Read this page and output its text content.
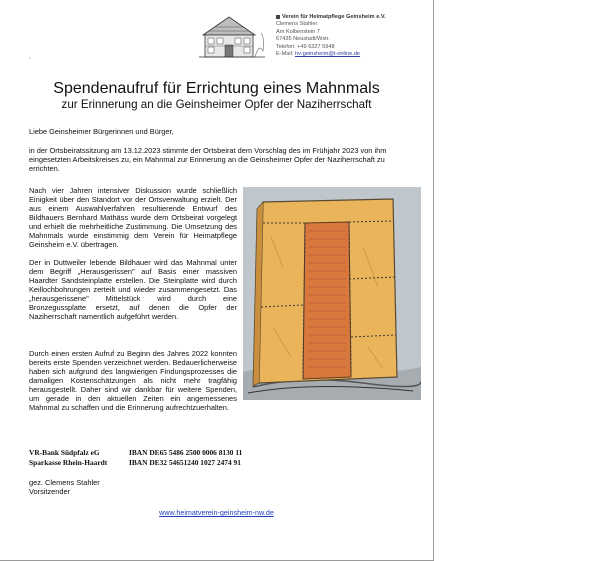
Verein für Heimatpflege Geinsheim e.V.
Clemens Stahler
Am Kolbenstein 7
67435 Neustadt/Wstr.
Telefon: +49 6327 5948
E-Mail: hv-geinsheim@t-online.de
'
Spendenaufruf für Errichtung eines Mahnmals
zur Erinnerung an die Geinsheimer Opfer der Naziherrschaft

Liebe Geinsheimer Bürgerinnen und Bürger,

in der Ortsbeiratssitzung am 13.12.2023 stimmte der Ortsbeirat dem Vorschlag des im Frühjahr 2023 von ihm eingesetzten Arbeitskreises zu, ein Mahnmal zur Erinnerung an die Geinsheimer Opfer der Naziherrschaft zu errichten.

Nach vier Jahren intensiver Diskussion wurde schließlich Einigkeit über den Standort vor der Ortsverwaltung erzielt. Der aus einem Auswahlverfahren resultierende Entwurf des Bildhauers Bernhard Mathäss wurde dem Ortsbeirat vorgelegt und erhielt die mehrheitliche Zustimmung. Die Umsetzung des Mahnmals wurde einstimmig dem Verein für Heimatpflege Geinsheim e.V. übertragen.

Der in Duttweiler lebende Bildhauer wird das Mahnmal unter dem Begriff „Herausgerissen" auf Basis einer massiven Haardter Sandsteinplatte erstellen. Die Steinplatte wird durch Keillochbohrungen zerteilt und wieder zusammengesetzt. Das „herausgerissene" Mittelstück wird durch eine Bronzegussplatte ersetzt, auf denen die Opfer der Naziherrschaft namentlich aufgeführt werden.

Durch einen ersten Aufruf zu Beginn des Jahres 2022 konnten bereits erste Spenden verzeichnet werden. Bedauerlicherweise haben sich aufgrund des langwierigen Findungsprozesses die damaligen Kostenschätzungen als nicht mehr tragfähig herausgestellt. Daher sind wir dankbar für weitere Spenden, um gerade in den aktuellen Zeiten ein angemessenes Mahnmal zu schaffen und die Erinnerung aufrechtzuerhalten.

VR-Bank Südpfalz eG	IBAN DE65 5486 2500 0006 8130 11
Sparkasse Rhein-Haardt	IBAN DE32 54651240 1027 2474 91

gez. Clemens Stahler

Vorsitzender

www.heimatverein-geinsheim-nw.de
